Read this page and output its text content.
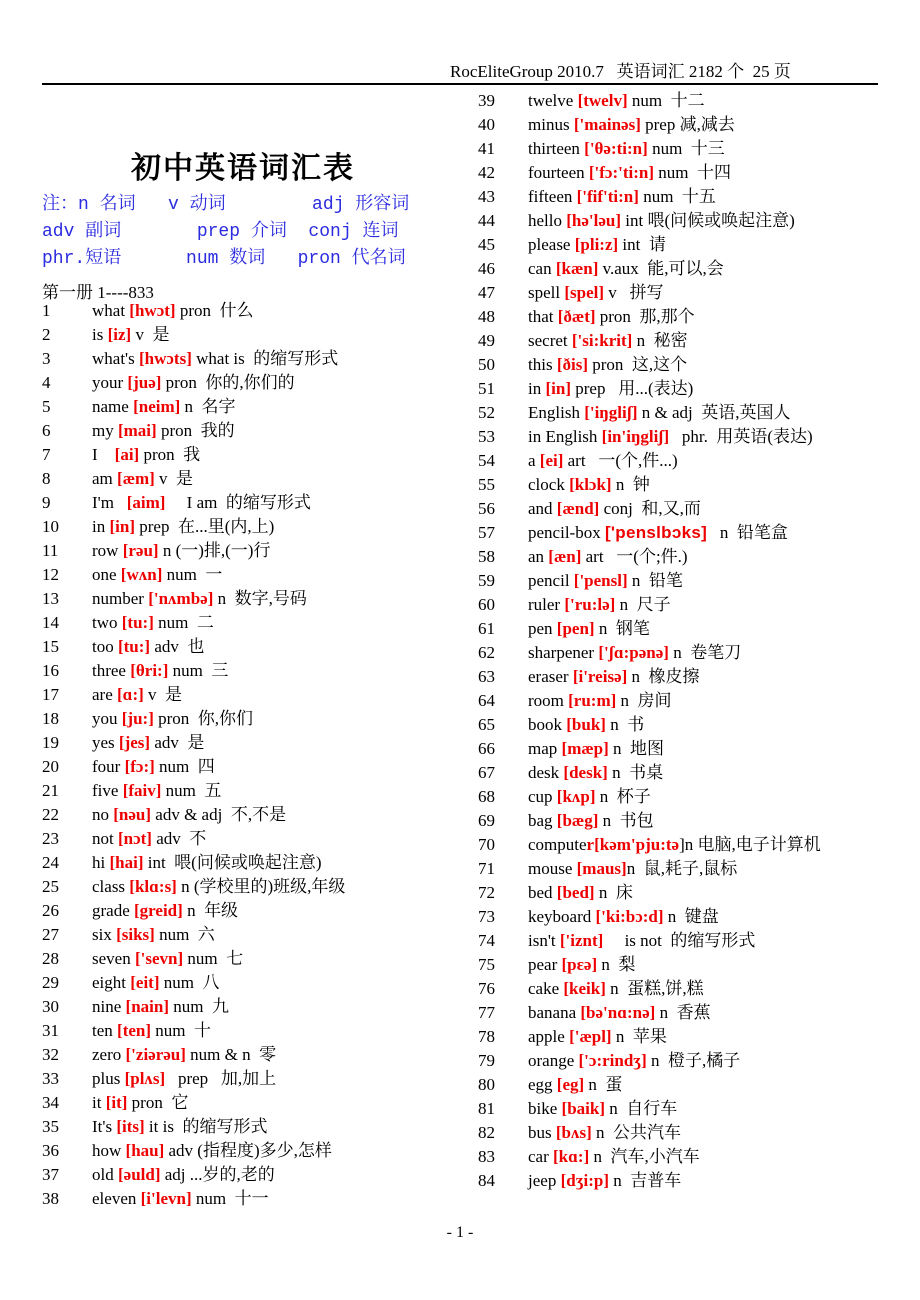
RocEliteGroup 2010.7   英语词汇 2182 个  25 页
初中英语词汇表
注：n 名词   v 动词        adj 形容词
adv 副词       prep 介词  conj 连词
phr.短语      num 数词   pron 代名词
第一册 1----833
1	what [hwɔt] pron  什么
2	is [iz] v  是
3	what's [hwɔts] what is  的缩写形式
4	your [juə] pron  你的,你们的
5	name [neim] n  名字
6	my [mai] pron  我的
7	I    [ai] pron  我
8	am [æm] v  是
9	I'm   [aim]     I am  的缩写形式
10	in [in] prep  在...里(内,上)
11	row [rəu] n (一)排,(一)行
12	one [wʌn] num  一
13	number ['nʌmbə] n  数字,号码
14	two [tu:] num  二
15	too [tu:] adv  也
16	three [θri:] num  三
17	are [ɑ:] v  是
18	you [ju:] pron  你,你们
19	yes [jes] adv  是
20	four [fɔ:] num  四
21	five [faiv] num  五
22	no [nəu] adv & adj  不,不是
23	not [nɔt] adv  不
24	hi [hai] int  喂(问候或唤起注意)
25	class [klɑ:s] n (学校里的)班级,年级
26	grade [greid] n  年级
27	six [siks] num  六
28	seven ['sevn] num  七
29	eight [eit] num  八
30	nine [nain] num  九
31	ten [ten] num  十
32	zero ['ziərəu] num & n  零
33	plus [plʌs]   prep   加,加上
34	it [it] pron  它
35	It's [its] it is  的缩写形式
36	how [hau] adv (指程度)多少,怎样
37	old [əuld] adj ...岁的,老的
38	eleven [i'levn] num  十一
39	twelve [twelv] num  十二
40	minus ['mainəs] prep 减,减去
41	thirteen ['θə:ti:n] num  十三
42	fourteen ['fɔ:'ti:n] num  十四
43	fifteen ['fif'ti:n] num  十五
44	hello [hə'ləu] int 喂(问候或唤起注意)
45	please [pli:z] int  请
46	can [kæn] v.aux  能,可以,会
47	spell [spel] v   拼写
48	that [ðæt] pron  那,那个
49	secret ['si:krit] n  秘密
50	this [ðis] pron  这,这个
51	in [in] prep   用...(表达)
52	English ['iŋgliʃ] n & adj  英语,英国人
53	in English [in'iŋgliʃ]   phr.  用英语(表达)
54	a [ei] art   一(个,件...)
55	clock [klɔk] n  钟
56	and [ænd] conj  和,又,而
57	pencil-box ['penslbɔks]   n  铅笔盒
58	an [æn] art   一(个;件.)
59	pencil ['pensl] n  铅笔
60	ruler ['ru:lə] n  尺子
61	pen [pen] n  钢笔
62	sharpener ['ʃɑ:pənə] n  卷笔刀
63	eraser [i'reisə] n  橡皮擦
64	room [ru:m] n  房间
65	book [buk] n  书
66	map [mæp] n  地图
67	desk [desk] n  书桌
68	cup [kʌp] n  杯子
69	bag [bæg] n  书包
70	computer[kəm'pju:tə]n 电脑,电子计算机
71	mouse [maus]n  鼠,耗子,鼠标
72	bed [bed] n  床
73	keyboard ['ki:bɔ:d] n  键盘
74	isn't ['iznt]     is not  的缩写形式
75	pear [pɛə] n  梨
76	cake [keik] n  蛋糕,饼,糕
77	banana [bə'nɑ:nə] n  香蕉
78	apple ['æpl] n  苹果
79	orange ['ɔ:rindʒ] n  橙子,橘子
80	egg [eg] n  蛋
81	bike [baik] n  自行车
82	bus [bʌs] n  公共汽车
83	car [kɑ:] n  汽车,小汽车
84	jeep [dʒi:p] n  吉普车
- 1 -
